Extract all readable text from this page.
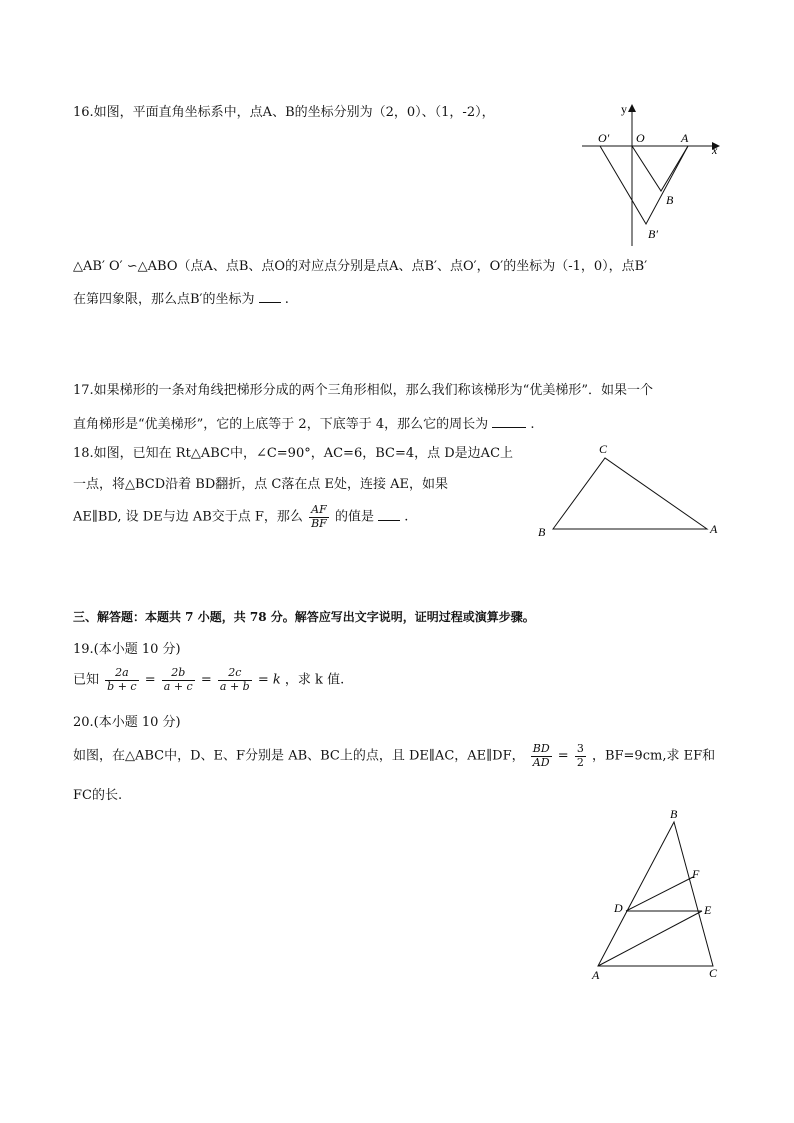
16.如图，平面直角坐标系中，点A、B的坐标分别为（2，0）、（1，-2），	y
x
O′ O	A
B
B′
△AB′ O′ ∽△ABO（点A、点B、点O的对应点分别是点A、点B′、点O′，O′的坐标为（-1，0），点B′
在第四象限，那么点B′的坐标为 .
17.如果梯形的一条对角线把梯形分成的两个三角形相似，那么我们称该梯形为“优美梯形”．如果一个
直角梯形是“优美梯形”，它的上底等于 2，下底等于 4，那么它的周长为	.
18.如图，已知在 Rt△ABC中，∠C=90°，AC=6，BC=4，点 D是边AC上
一点，将△BCD沿着 BD翻折，点 C落在点 E处，连接 AE，如果
AE∥BD, 设 DE与边 AB交于点 F，那么 $\frac{AF}{BF}$ 的值是 .
C
B	A
三、解答题：本题共 7 小题，共 78 分。解答应写出文字说明，证明过程或演算步骤。
19.(本小题 10 分)
已知 $\frac{2a}{b + c} = \frac{2b}{a + c} = \frac{2c}{a + b} = k$ ，求 k 值.
20.(本小题 10 分)
如图，在△ABC中，D、E、F分别是 AB、BC上的点，且 DE∥AC，AE∥DF， $\frac{BD}{AD} = \frac{3}{2}$ ，BF=9cm,求 EF和
FC的长.
B
F
D	E
A	C
